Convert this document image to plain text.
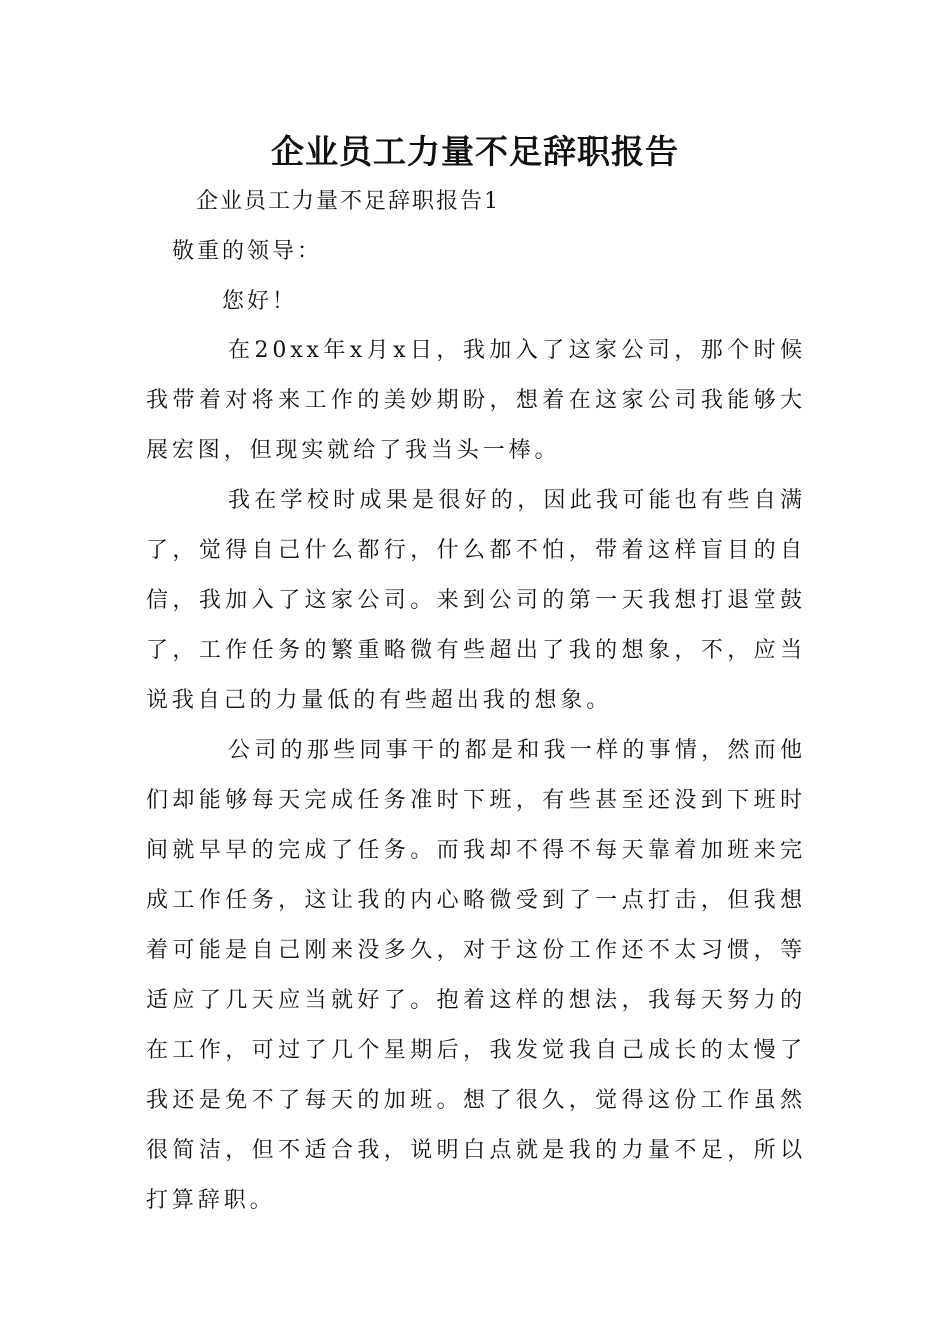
企业员工力量不足辞职报告

企业员工力量不足辞职报告1

敬重的领导：

您好！

在20xx年x月x日，我加入了这家公司，那个时候我带着对将来工作的美妙期盼，想着在这家公司我能够大展宏图，但现实就给了我当头一棒。

我在学校时成果是很好的，因此我可能也有些自满了，觉得自己什么都行，什么都不怕，带着这样盲目的自信，我加入了这家公司。来到公司的第一天我想打退堂鼓了，工作任务的繁重略微有些超出了我的想象，不，应当说我自己的力量低的有些超出我的想象。

公司的那些同事干的都是和我一样的事情，然而他们却能够每天完成任务准时下班，有些甚至还没到下班时间就早早的完成了任务。而我却不得不每天靠着加班来完成工作任务，这让我的内心略微受到了一点打击，但我想着可能是自己刚来没多久，对于这份工作还不太习惯，等适应了几天应当就好了。抱着这样的想法，我每天努力的在工作，可过了几个星期后，我发觉我自己成长的太慢了我还是免不了每天的加班。想了很久，觉得这份工作虽然很简洁，但不适合我，说明白点就是我的力量不足，所以打算辞职。
